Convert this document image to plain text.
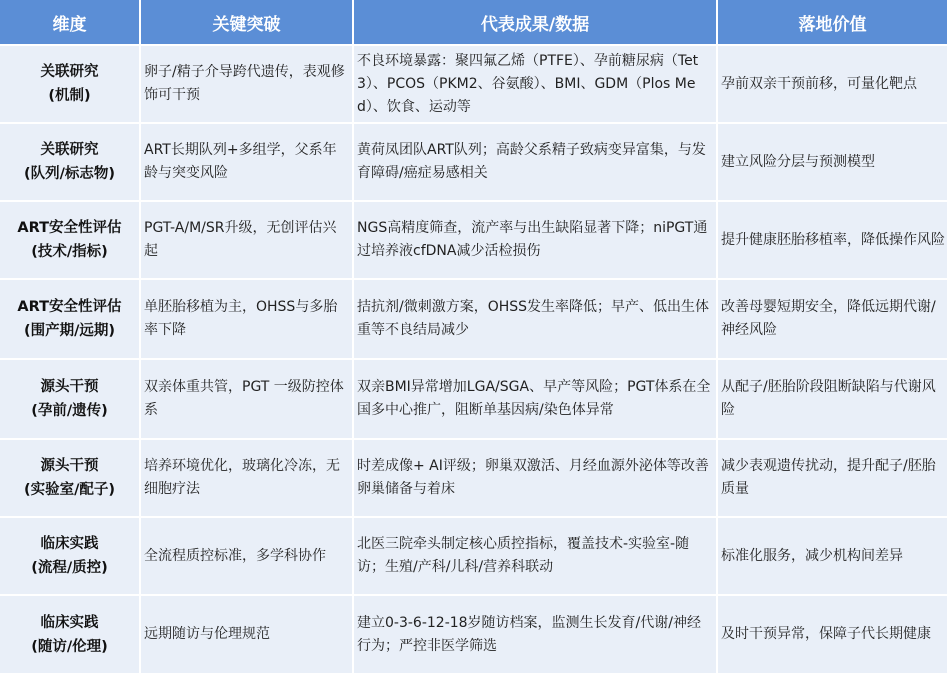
维度	关键突破	代表成果/数据	落地价值

关联研究
(机制)	卵子/精子介导跨代遗传，表观修饰可干预	不良环境暴露：聚四氟乙烯（PTFE）、孕前糖尿病（Tet3）、PCOS（PKM2、谷氨酸）、BMI、GDM（Plos Med）、饮食、运动等	孕前双亲干预前移，可量化靶点

关联研究
(队列/标志物)	ART长期队列+多组学，父系年龄与突变风险	黄荷凤团队ART队列；高龄父系精子致病变异富集，与发育障碍/癌症易感相关	建立风险分层与预测模型

ART安全性评估
(技术/指标)	PGT-A/M/SR升级，无创评估兴起	NGS高精度筛查，流产率与出生缺陷显著下降；niPGT通过培养液cfDNA减少活检损伤	提升健康胚胎移植率，降低操作风险

ART安全性评估
(围产期/远期)	单胚胎移植为主，OHSS与多胎率下降	拮抗剂/微刺激方案，OHSS发生率降低；早产、低出生体重等不良结局减少	改善母婴短期安全，降低远期代谢/神经风险

源头干预
(孕前/遗传)	双亲体重共管，PGT 一级防控体系	双亲BMI异常增加LGA/SGA、早产等风险；PGT体系在全国多中心推广，阻断单基因病/染色体异常	从配子/胚胎阶段阻断缺陷与代谢风险

源头干预
(实验室/配子)	培养环境优化，玻璃化冷冻，无细胞疗法	时差成像+ AI评级；卵巢双激活、月经血源外泌体等改善卵巢储备与着床	减少表观遗传扰动，提升配子/胚胎质量

临床实践
(流程/质控)	全流程质控标准，多学科协作	北医三院牵头制定核心质控指标，覆盖技术-实验室-随访；生殖/产科/儿科/营养科联动	标准化服务，减少机构间差异

临床实践
(随访/伦理)	远期随访与伦理规范	建立0-3-6-12-18岁随访档案，监测生长发育/代谢/神经行为；严控非医学筛选	及时干预异常，保障子代长期健康
